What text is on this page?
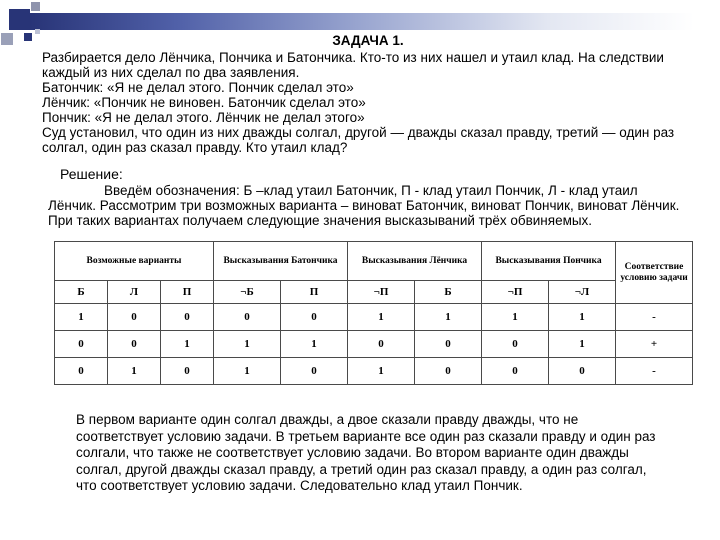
ЗАДАЧА 1.

Разбирается дело Лёнчика, Пончика и Батончика. Кто-то из них нашел и утаил клад. На следствии каждый из них сделал по два заявления.

Батончик: «Я не делал этого. Пончик сделал это»

Лёнчик: «Пончик не виновен. Батончик сделал это»

Пончик: «Я не делал этого. Лёнчик не делал этого»

Суд установил, что один из них дважды солгал, другой — дважды сказал правду, третий — один раз солгал, один раз сказал правду. Кто утаил клад?

Решение:

Введём обозначения: Б –клад утаил Батончик, П - клад утаил Пончик, Л - клад утаил Лёнчик. Рассмотрим три возможных варианта – виноват Батончик, виноват Пончик, виноват Лёнчик. При таких вариантах получаем следующие значения высказываний трёх обвиняемых.

Возможные варианты			Высказывания Батончика		Высказывания Лёнчика		Высказывания Пончика		Соответствие условию задачи
Б	Л	П	¬Б	П	¬П	Б	¬П	¬Л	
1	0	0	0	0	1	1	1	1	-
0	0	1	1	1	0	0	0	1	+
0	1	0	1	0	1	0	0	0	-

В первом варианте один солгал дважды, а двое сказали правду дважды, что не соответствует условию задачи. В третьем варианте все один раз сказали правду и один раз солгали, что также не соответствует условию задачи. Во втором варианте один дважды солгал, другой дважды сказал правду, а третий один раз сказал правду, а один раз солгал, что соответствует условию задачи. Следовательно клад утаил Пончик.
